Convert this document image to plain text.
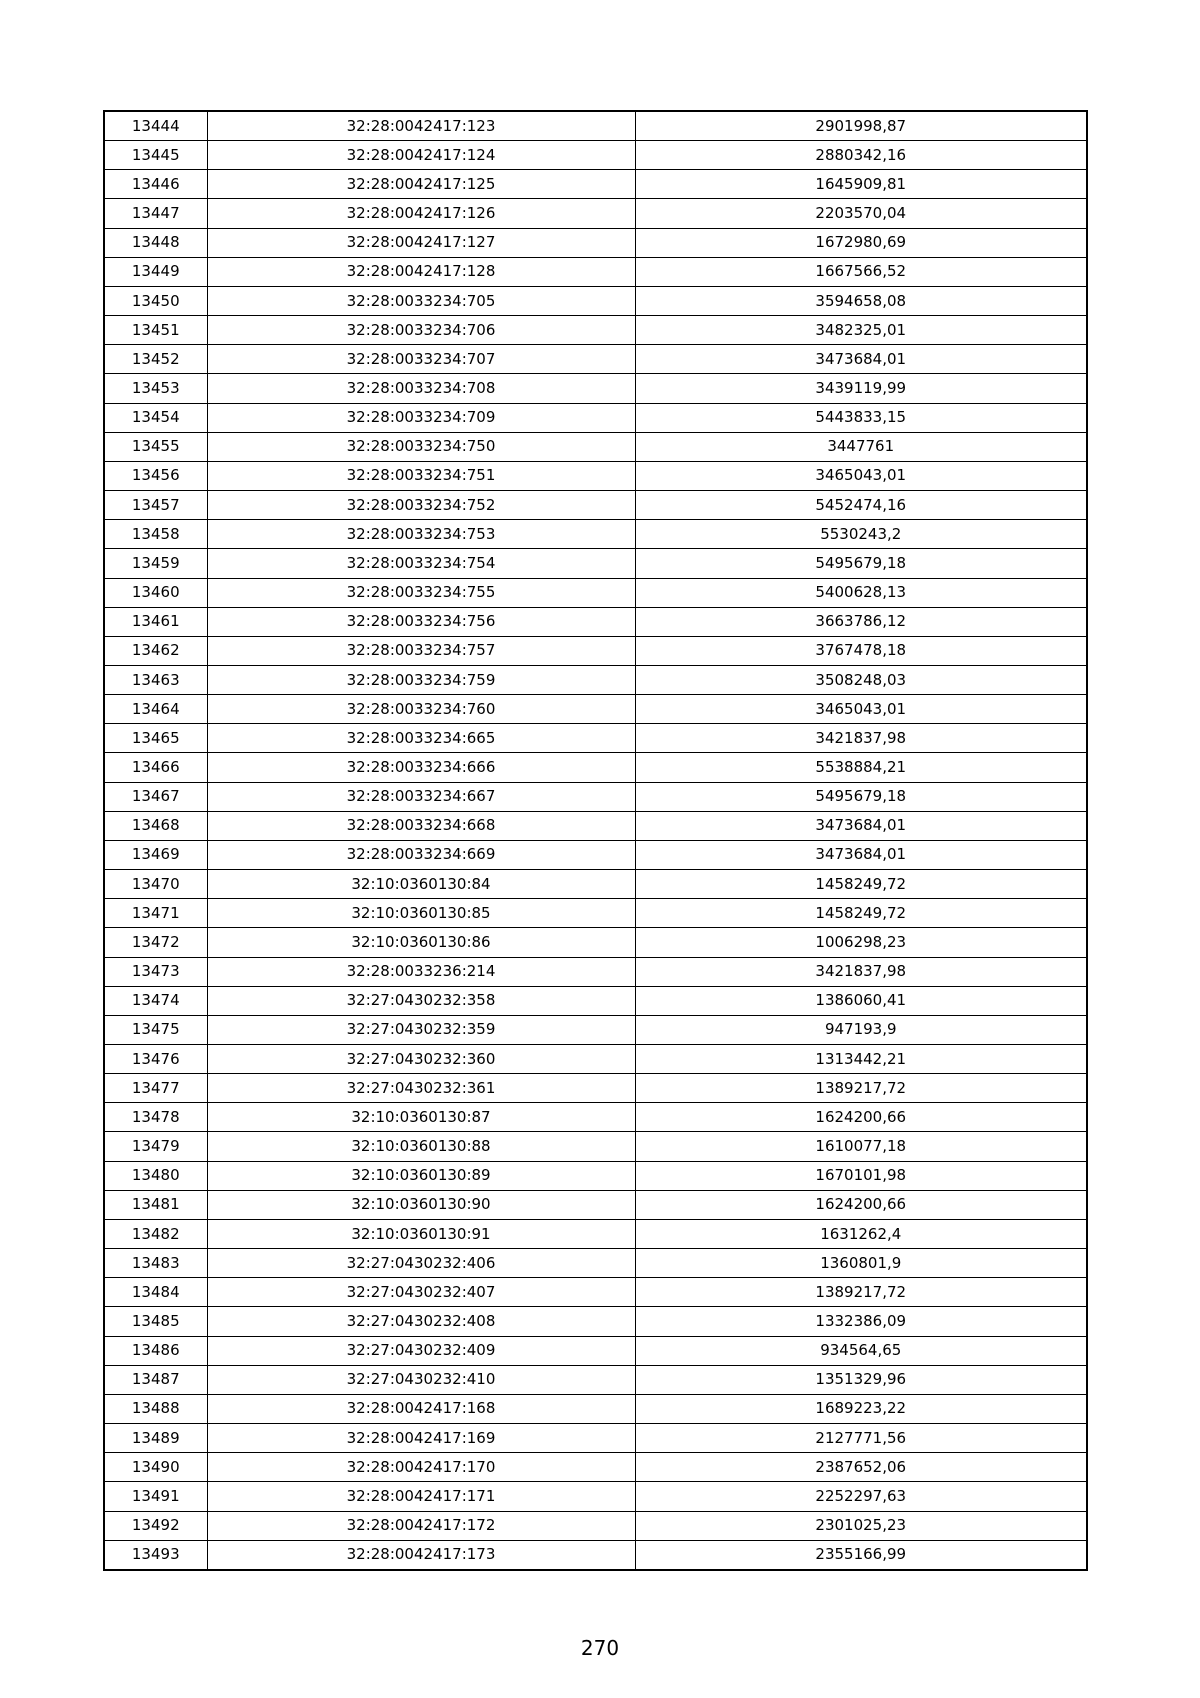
13444	32:28:0042417:123	2901998,87
13445	32:28:0042417:124	2880342,16
13446	32:28:0042417:125	1645909,81
13447	32:28:0042417:126	2203570,04
13448	32:28:0042417:127	1672980,69
13449	32:28:0042417:128	1667566,52
13450	32:28:0033234:705	3594658,08
13451	32:28:0033234:706	3482325,01
13452	32:28:0033234:707	3473684,01
13453	32:28:0033234:708	3439119,99
13454	32:28:0033234:709	5443833,15
13455	32:28:0033234:750	3447761
13456	32:28:0033234:751	3465043,01
13457	32:28:0033234:752	5452474,16
13458	32:28:0033234:753	5530243,2
13459	32:28:0033234:754	5495679,18
13460	32:28:0033234:755	5400628,13
13461	32:28:0033234:756	3663786,12
13462	32:28:0033234:757	3767478,18
13463	32:28:0033234:759	3508248,03
13464	32:28:0033234:760	3465043,01
13465	32:28:0033234:665	3421837,98
13466	32:28:0033234:666	5538884,21
13467	32:28:0033234:667	5495679,18
13468	32:28:0033234:668	3473684,01
13469	32:28:0033234:669	3473684,01
13470	32:10:0360130:84	1458249,72
13471	32:10:0360130:85	1458249,72
13472	32:10:0360130:86	1006298,23
13473	32:28:0033236:214	3421837,98
13474	32:27:0430232:358	1386060,41
13475	32:27:0430232:359	947193,9
13476	32:27:0430232:360	1313442,21
13477	32:27:0430232:361	1389217,72
13478	32:10:0360130:87	1624200,66
13479	32:10:0360130:88	1610077,18
13480	32:10:0360130:89	1670101,98
13481	32:10:0360130:90	1624200,66
13482	32:10:0360130:91	1631262,4
13483	32:27:0430232:406	1360801,9
13484	32:27:0430232:407	1389217,72
13485	32:27:0430232:408	1332386,09
13486	32:27:0430232:409	934564,65
13487	32:27:0430232:410	1351329,96
13488	32:28:0042417:168	1689223,22
13489	32:28:0042417:169	2127771,56
13490	32:28:0042417:170	2387652,06
13491	32:28:0042417:171	2252297,63
13492	32:28:0042417:172	2301025,23
13493	32:28:0042417:173	2355166,99
270
